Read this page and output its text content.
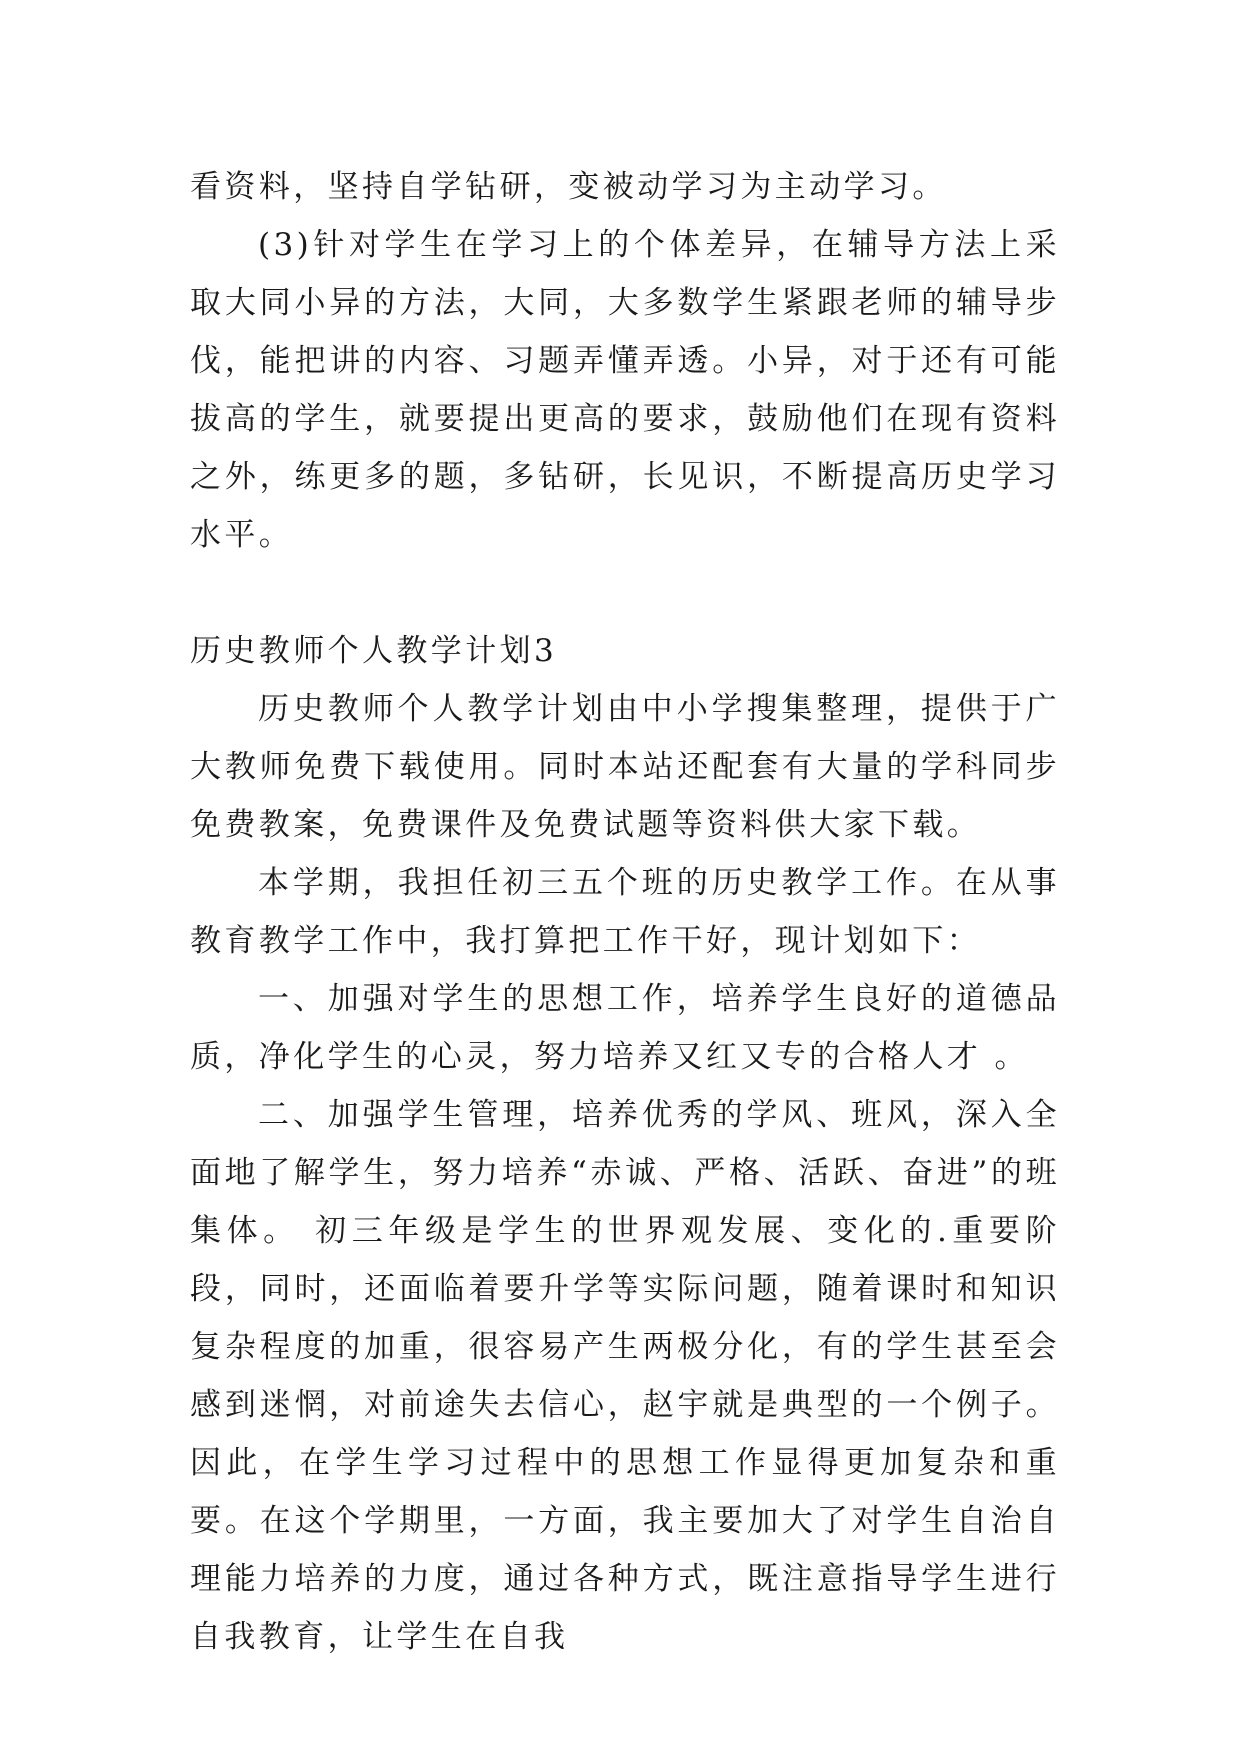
看资料，坚持自学钻研，变被动学习为主动学习。

(3)针对学生在学习上的个体差异，在辅导方法上采取大同小异的方法，大同，大多数学生紧跟老师的辅导步伐，能把讲的内容、习题弄懂弄透。小异，对于还有可能拔高的学生，就要提出更高的要求，鼓励他们在现有资料之外，练更多的题，多钻研，长见识，不断提高历史学习水平。

历史教师个人教学计划3

历史教师个人教学计划由中小学搜集整理，提供于广大教师免费下载使用。同时本站还配套有大量的学科同步免费教案，免费课件及免费试题等资料供大家下载。

本学期，我担任初三五个班的历史教学工作。在从事教育教学工作中，我打算把工作干好，现计划如下：

一、加强对学生的思想工作，培养学生良好的道德品质，净化学生的心灵，努力培养又红又专的合格人才 。

二、加强学生管理，培养优秀的学风、班风，深入全面地了解学生，努力培养“赤诚、严格、活跃、奋进”的班集体。 初三年级是学生的世界观发展、变化的.重要阶段，同时，还面临着要升学等实际问题，随着课时和知识复杂程度的加重，很容易产生两极分化，有的学生甚至会感到迷惘，对前途失去信心，赵宇就是典型的一个例子。因此，在学生学习过程中的思想工作显得更加复杂和重要。在这个学期里，一方面，我主要加大了对学生自治自理能力培养的力度，通过各种方式，既注意指导学生进行自我教育，让学生在自我
